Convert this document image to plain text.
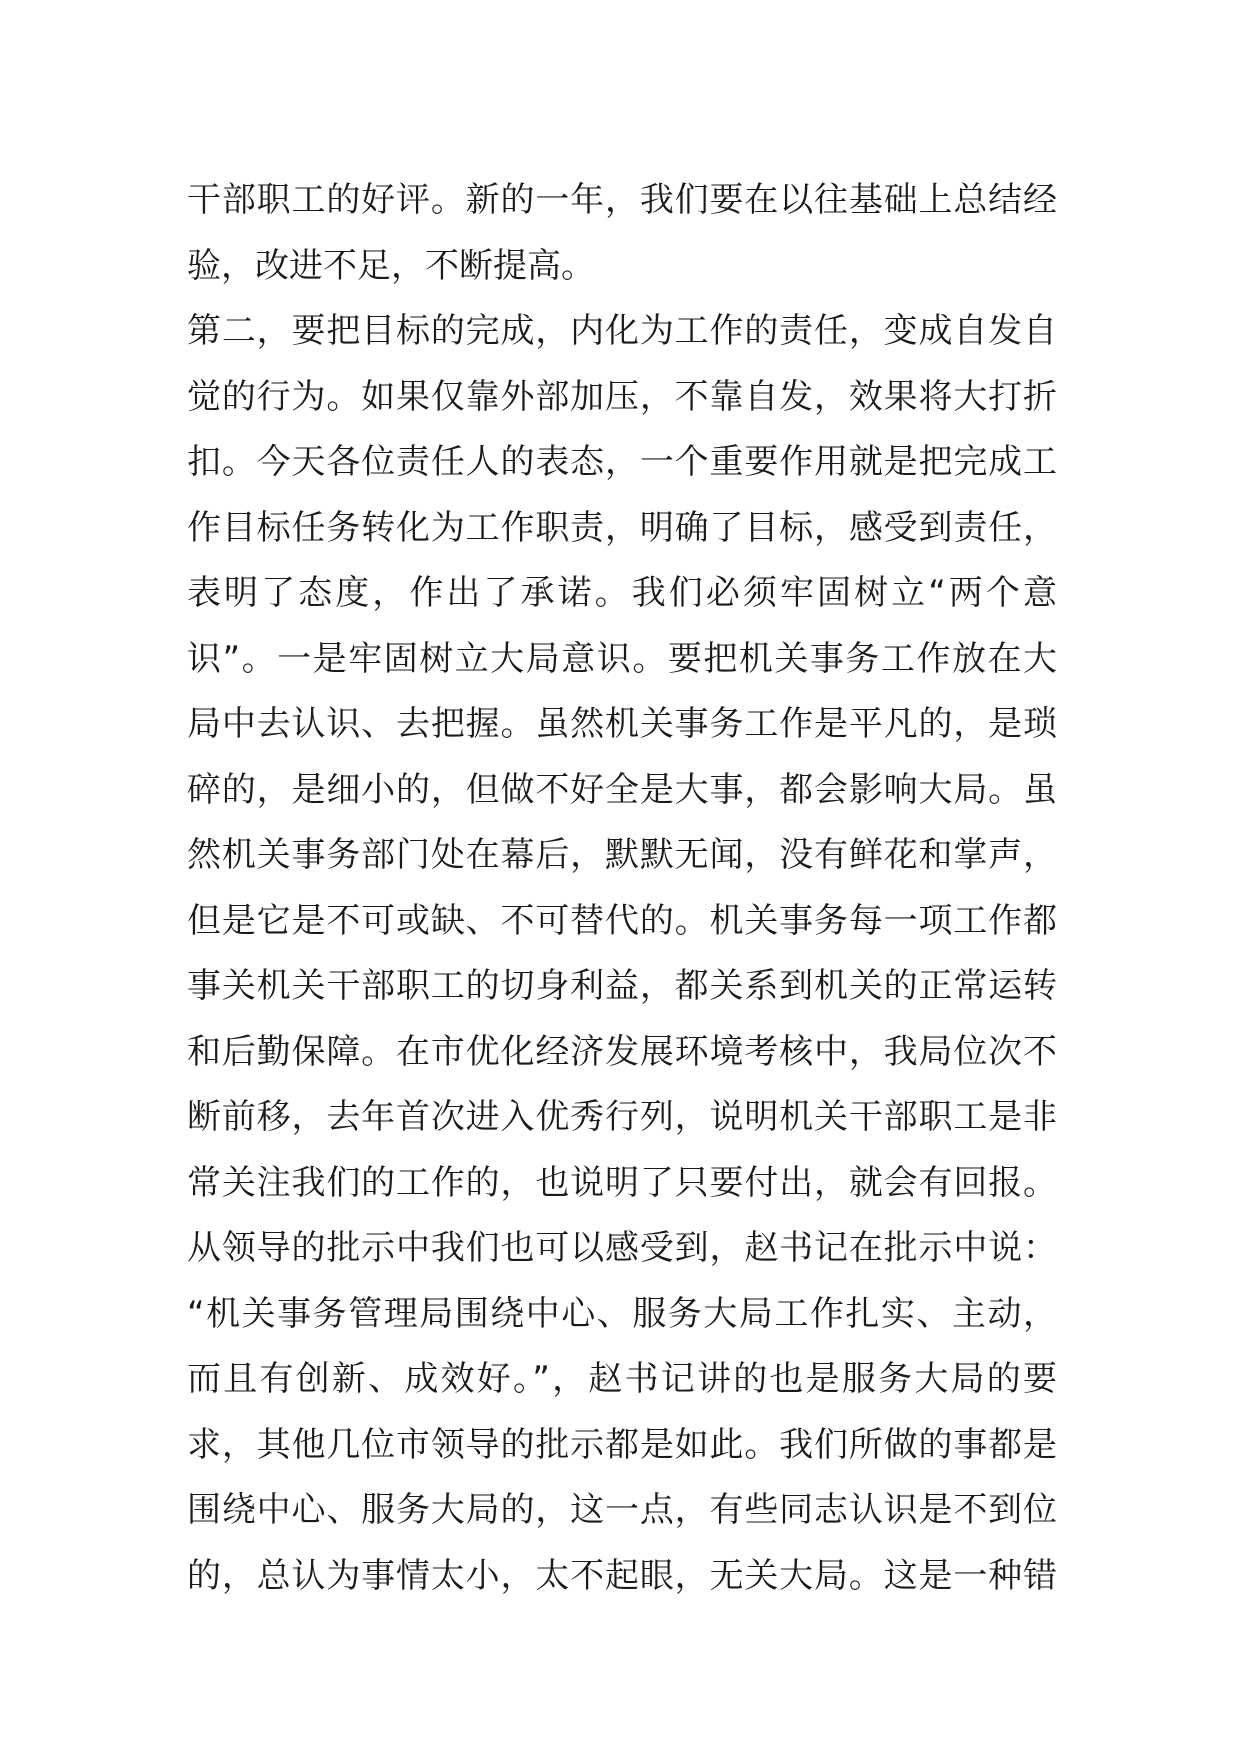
干部职工的好评。新的一年，我们要在以往基础上总结经
验，改进不足，不断提高。
第二，要把目标的完成，内化为工作的责任，变成自发自
觉的行为。如果仅靠外部加压，不靠自发，效果将大打折
扣。今天各位责任人的表态，一个重要作用就是把完成工
作目标任务转化为工作职责，明确了目标，感受到责任，
表明了态度，作出了承诺。我们必须牢固树立“两个意
识”。一是牢固树立大局意识。要把机关事务工作放在大
局中去认识、去把握。虽然机关事务工作是平凡的，是琐
碎的，是细小的，但做不好全是大事，都会影响大局。虽
然机关事务部门处在幕后，默默无闻，没有鲜花和掌声，
但是它是不可或缺、不可替代的。机关事务每一项工作都
事关机关干部职工的切身利益，都关系到机关的正常运转
和后勤保障。在市优化经济发展环境考核中，我局位次不
断前移，去年首次进入优秀行列，说明机关干部职工是非
常关注我们的工作的，也说明了只要付出，就会有回报。
从领导的批示中我们也可以感受到，赵书记在批示中说：
“机关事务管理局围绕中心、服务大局工作扎实、主动，
而且有创新、成效好。”，赵书记讲的也是服务大局的要
求，其他几位市领导的批示都是如此。我们所做的事都是
围绕中心、服务大局的，这一点，有些同志认识是不到位
的，总认为事情太小，太不起眼，无关大局。这是一种错
